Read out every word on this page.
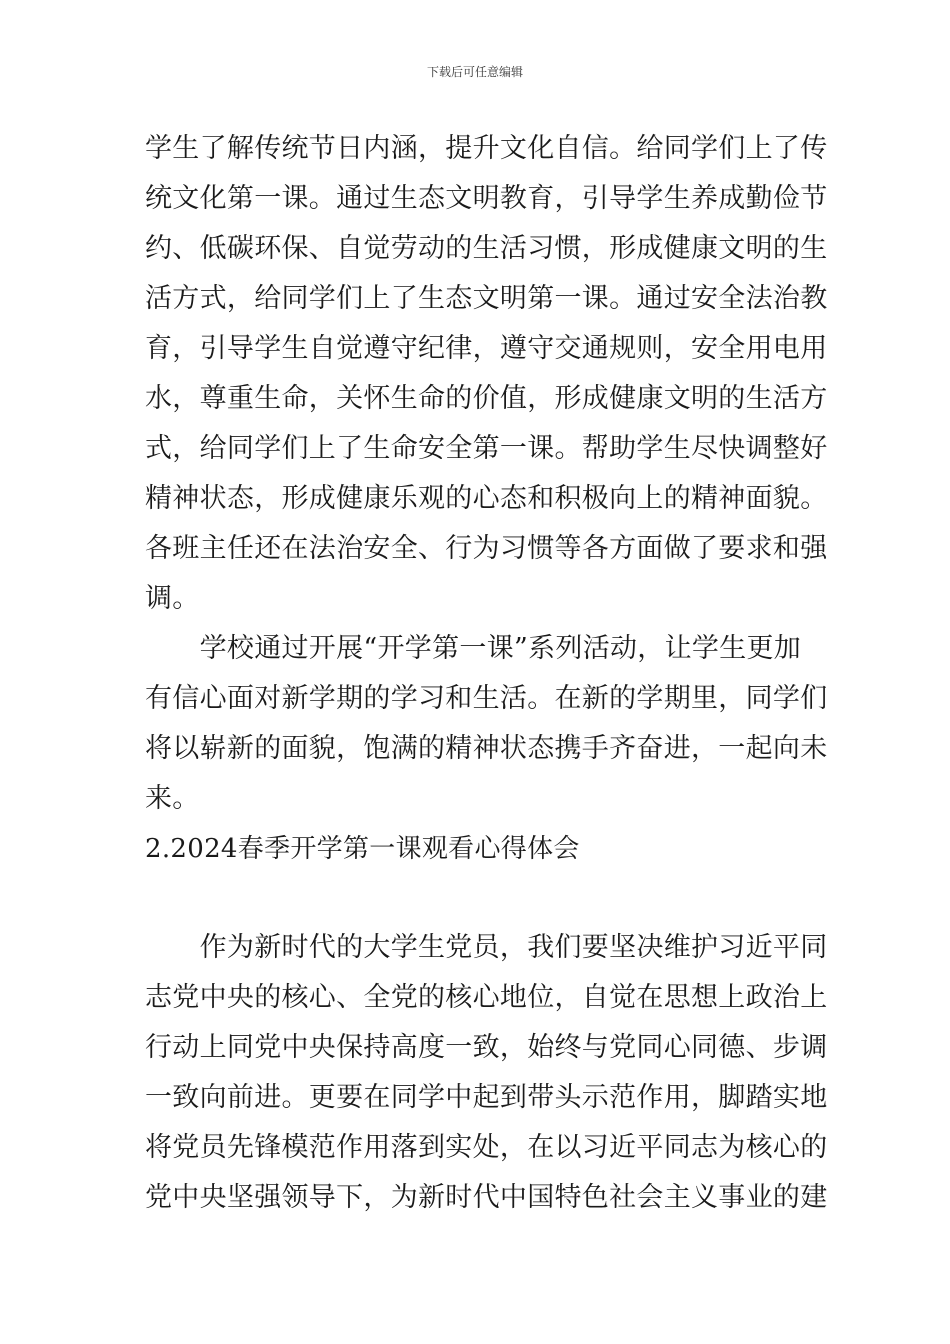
下载后可任意编辑
学生了解传统节日内涵，提升文化自信。给同学们上了传
统文化第一课。通过生态文明教育，引导学生养成勤俭节
约、低碳环保、自觉劳动的生活习惯，形成健康文明的生
活方式，给同学们上了生态文明第一课。通过安全法治教
育，引导学生自觉遵守纪律，遵守交通规则，安全用电用
水，尊重生命，关怀生命的价值，形成健康文明的生活方
式，给同学们上了生命安全第一课。帮助学生尽快调整好
精神状态，形成健康乐观的心态和积极向上的精神面貌。
各班主任还在法治安全、行为习惯等各方面做了要求和强
调。
　　学校通过开展“开学第一课”系列活动，让学生更加
有信心面对新学期的学习和生活。在新的学期里，同学们
将以崭新的面貌，饱满的精神状态携手齐奋进，一起向未
来。
2.2024春季开学第一课观看心得体会
　　作为新时代的大学生党员，我们要坚决维护习近平同
志党中央的核心、全党的核心地位，自觉在思想上政治上
行动上同党中央保持高度一致，始终与党同心同德、步调
一致向前进。更要在同学中起到带头示范作用，脚踏实地
将党员先锋模范作用落到实处，在以习近平同志为核心的
党中央坚强领导下，为新时代中国特色社会主义事业的建
